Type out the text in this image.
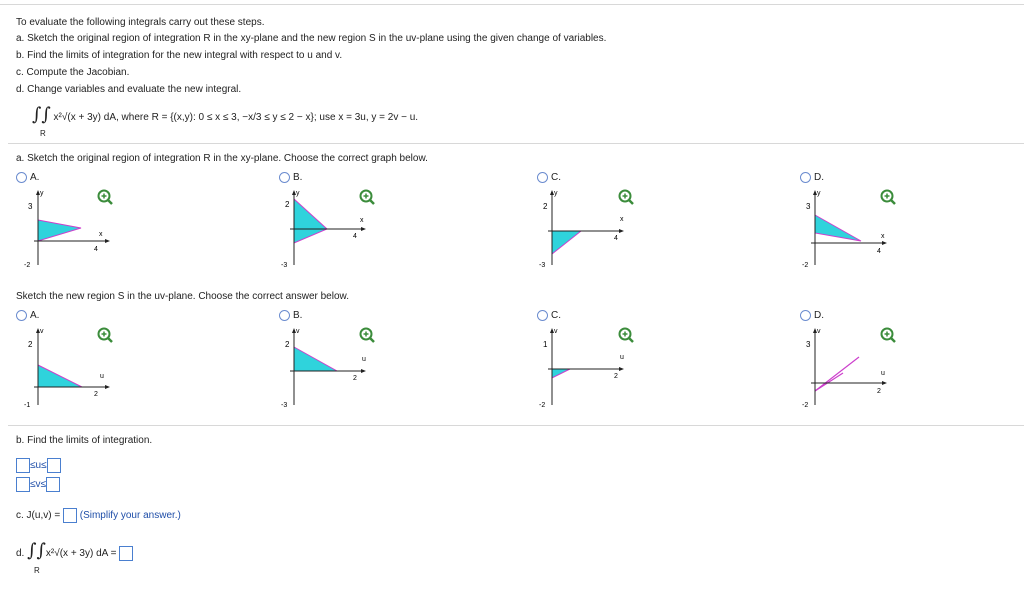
To evaluate the following integrals carry out these steps.
a. Sketch the original region of integration R in the xy-plane and the new region S in the uv-plane using the given change of variables.
b. Find the limits of integration for the new integral with respect to u and v.
c. Compute the Jacobian.
d. Change variables and evaluate the new integral.
∫∫ x²√(x + 3y) dA, where R = {(x,y): 0 ≤ x ≤ 3, −x/3 ≤ y ≤ 2 − x}; use x = 3u, y = 2v − u.
R
a. Sketch the original region of integration R in the xy-plane. Choose the correct graph below.
A.	B.	C.	D.
y
3
-2
x
4
y
2
-3
x
4
y
2
-3
x
4
y
3
-2
x
4
Sketch the new region S in the uv-plane. Choose the correct answer below.
A.	B.	C.	D.
v
2
-1
u
2
v
2
-3
u
2
v
1
-2
u
2
v
3
-2
u
2
b. Find the limits of integration.
≤u≤
≤v≤
c. J(u,v) = (Simplify your answer.)
d. ∫∫x²√(x + 3y) dA =
R
